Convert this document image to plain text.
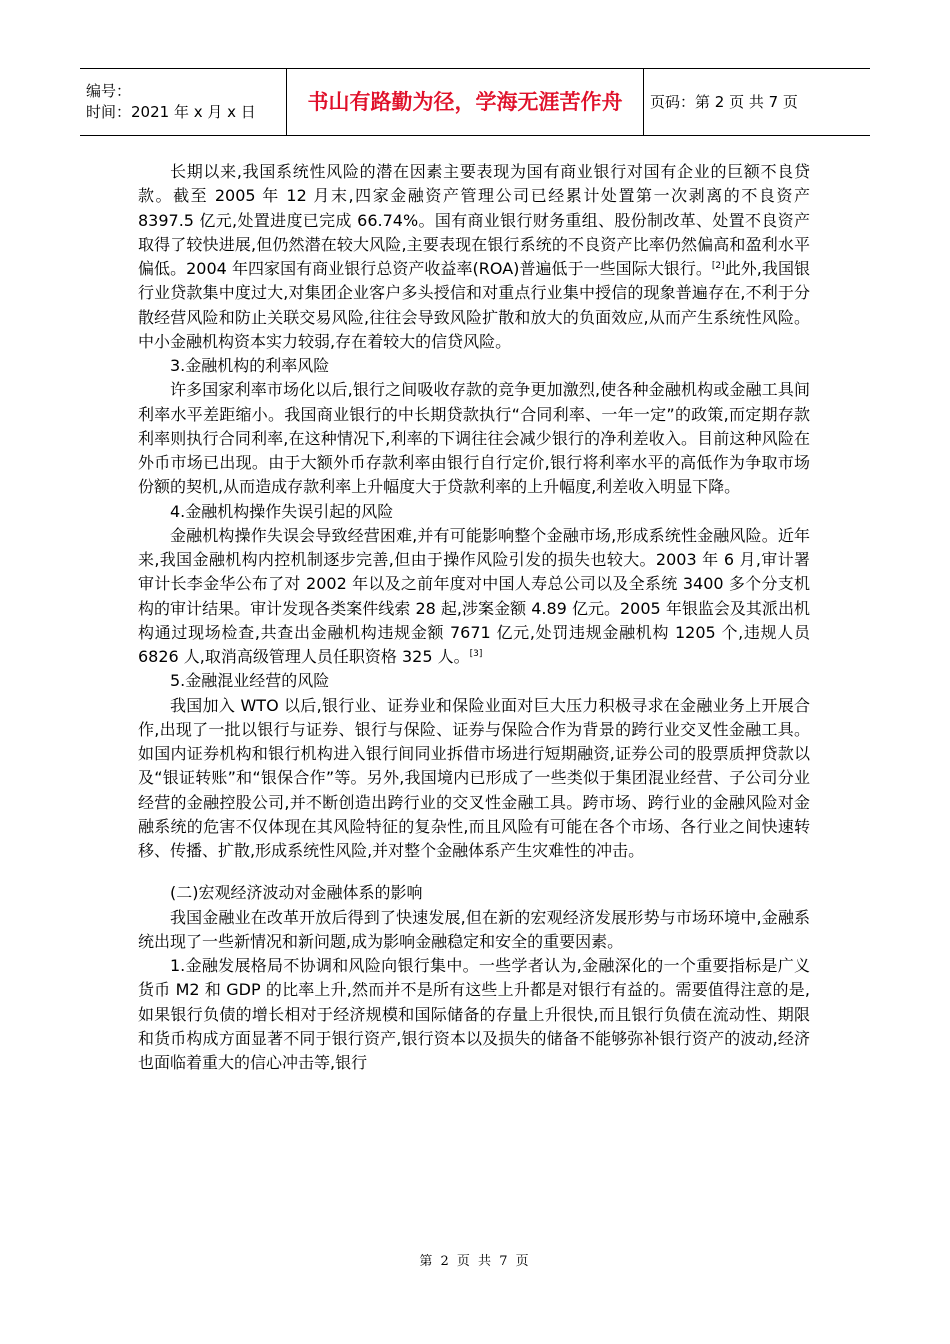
编号：
时间：2021 年 x 月 x 日	书山有路勤为径，学海无涯苦作舟	页码：第 2 页 共 7 页

长期以来,我国系统性风险的潜在因素主要表现为国有商业银行对国有企业的巨额不良贷款。截至 2005 年 12 月末,四家金融资产管理公司已经累计处置第一次剥离的不良资产 8397.5 亿元,处置进度已完成 66.74%。国有商业银行财务重组、股份制改革、处置不良资产取得了较快进展,但仍然潜在较大风险,主要表现在银行系统的不良资产比率仍然偏高和盈利水平偏低。2004 年四家国有商业银行总资产收益率(ROA)普遍低于一些国际大银行。[2]此外,我国银行业贷款集中度过大,对集团企业客户多头授信和对重点行业集中授信的现象普遍存在,不利于分散经营风险和防止关联交易风险,往往会导致风险扩散和放大的负面效应,从而产生系统性风险。中小金融机构资本实力较弱,存在着较大的信贷风险。

3.金融机构的利率风险

许多国家利率市场化以后,银行之间吸收存款的竞争更加激烈,使各种金融机构或金融工具间利率水平差距缩小。我国商业银行的中长期贷款执行“合同利率、一年一定”的政策,而定期存款利率则执行合同利率,在这种情况下,利率的下调往往会减少银行的净利差收入。目前这种风险在外币市场已出现。由于大额外币存款利率由银行自行定价,银行将利率水平的高低作为争取市场份额的契机,从而造成存款利率上升幅度大于贷款利率的上升幅度,利差收入明显下降。

4.金融机构操作失误引起的风险

金融机构操作失误会导致经营困难,并有可能影响整个金融市场,形成系统性金融风险。近年来,我国金融机构内控机制逐步完善,但由于操作风险引发的损失也较大。2003 年 6 月,审计署审计长李金华公布了对 2002 年以及之前年度对中国人寿总公司以及全系统 3400 多个分支机构的审计结果。审计发现各类案件线索 28 起,涉案金额 4.89 亿元。2005 年银监会及其派出机构通过现场检查,共查出金融机构违规金额 7671 亿元,处罚违规金融机构 1205 个,违规人员 6826 人,取消高级管理人员任职资格 325 人。[3]

5.金融混业经营的风险

我国加入 WTO 以后,银行业、证券业和保险业面对巨大压力积极寻求在金融业务上开展合作,出现了一批以银行与证券、银行与保险、证券与保险合作为背景的跨行业交叉性金融工具。如国内证券机构和银行机构进入银行间同业拆借市场进行短期融资,证券公司的股票质押贷款以及“银证转账”和“银保合作”等。另外,我国境内已形成了一些类似于集团混业经营、子公司分业经营的金融控股公司,并不断创造出跨行业的交叉性金融工具。跨市场、跨行业的金融风险对金融系统的危害不仅体现在其风险特征的复杂性,而且风险有可能在各个市场、各行业之间快速转移、传播、扩散,形成系统性风险,并对整个金融体系产生灾难性的冲击。

(二)宏观经济波动对金融体系的影响

我国金融业在改革开放后得到了快速发展,但在新的宏观经济发展形势与市场环境中,金融系统出现了一些新情况和新问题,成为影响金融稳定和安全的重要因素。

1.金融发展格局不协调和风险向银行集中。一些学者认为,金融深化的一个重要指标是广义货币 M2 和 GDP 的比率上升,然而并不是所有这些上升都是对银行有益的。需要值得注意的是,如果银行负债的增长相对于经济规模和国际储备的存量上升很快,而且银行负债在流动性、期限和货币构成方面显著不同于银行资产,银行资本以及损失的储备不能够弥补银行资产的波动,经济也面临着重大的信心冲击等,银行

第 2 页 共 7 页
